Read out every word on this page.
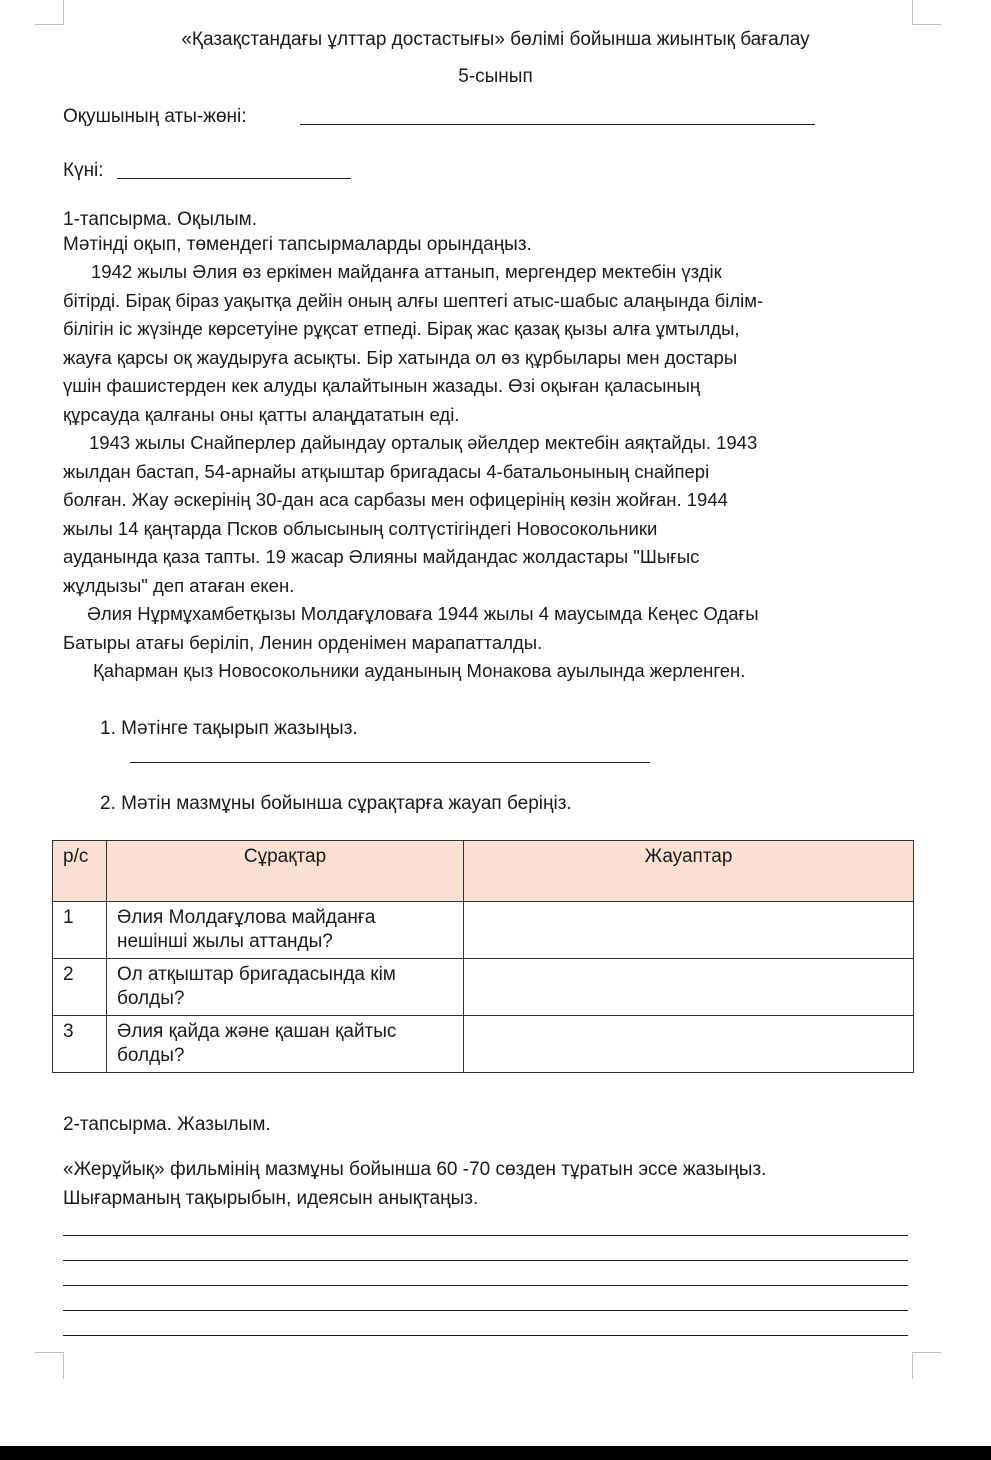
«Қазақстандағы ұлттар достастығы» бөлімі бойынша жиынтық бағалау
5-сынып
Оқушының аты-жөні:
Күні:
1-тапсырма. Оқылым.
Мәтінді оқып, төмендегі тапсырмаларды орындаңыз.

1942 жылы Әлия өз еркімен майданға аттанып, мергендер мектебін үздік

бітірді. Бірақ біраз уақытқа дейін оның алғы шептегі атыс-шабыс алаңында білім-

білігін іс жүзінде көрсетуіне рұқсат етпеді. Бірақ жас қазақ қызы алға ұмтылды,

жауға қарсы оқ жаудыруға асықты. Бір хатында ол өз құрбылары мен достары

үшін фашистерден кек алуды қалайтынын жазады. Өзі оқыған қаласының

құрсауда қалғаны оны қатты алаңдататын еді.

1943 жылы Снайперлер дайындау орталық әйелдер мектебін аяқтайды. 1943

жылдан бастап, 54-арнайы атқыштар бригадасы 4-батальонының снайпері

болған. Жау әскерінің 30-дан аса сарбазы мен офицерінің көзін жойған. 1944

жылы 14 қаңтарда Псков облысының солтүстігіндегі Новосокольники

ауданында қаза тапты. 19 жасар Әлияны майдандас жолдастары "Шығыс

жұлдызы" деп атаған екен.

Әлия Нұрмұхамбетқызы Молдағұловаға 1944 жылы 4 маусымда Кеңес Одағы

Батыры атағы беріліп, Ленин орденімен марапатталды.

Қаһарман қыз Новосокольники ауданының Монакова ауылында жерленген.

1. Мәтінге тақырып жазыңыз.
2. Мәтін мазмұны бойынша сұрақтарға жауап беріңіз.
р/с	Сұрақтар	Жауаптар
1	Әлия Молдағұлова майданға
нешінші жылы аттанды?	

2	Ол атқыштар бригадасында кім
болды?	

3	Әлия қайда және қашан қайтыс
болды?	

2-тапсырма. Жазылым.
«Жерұйық» фильмінің мазмұны бойынша 60 -70 сөзден тұратын эссе жазыңыз.
Шығарманың тақырыбын, идеясын анықтаңыз.
